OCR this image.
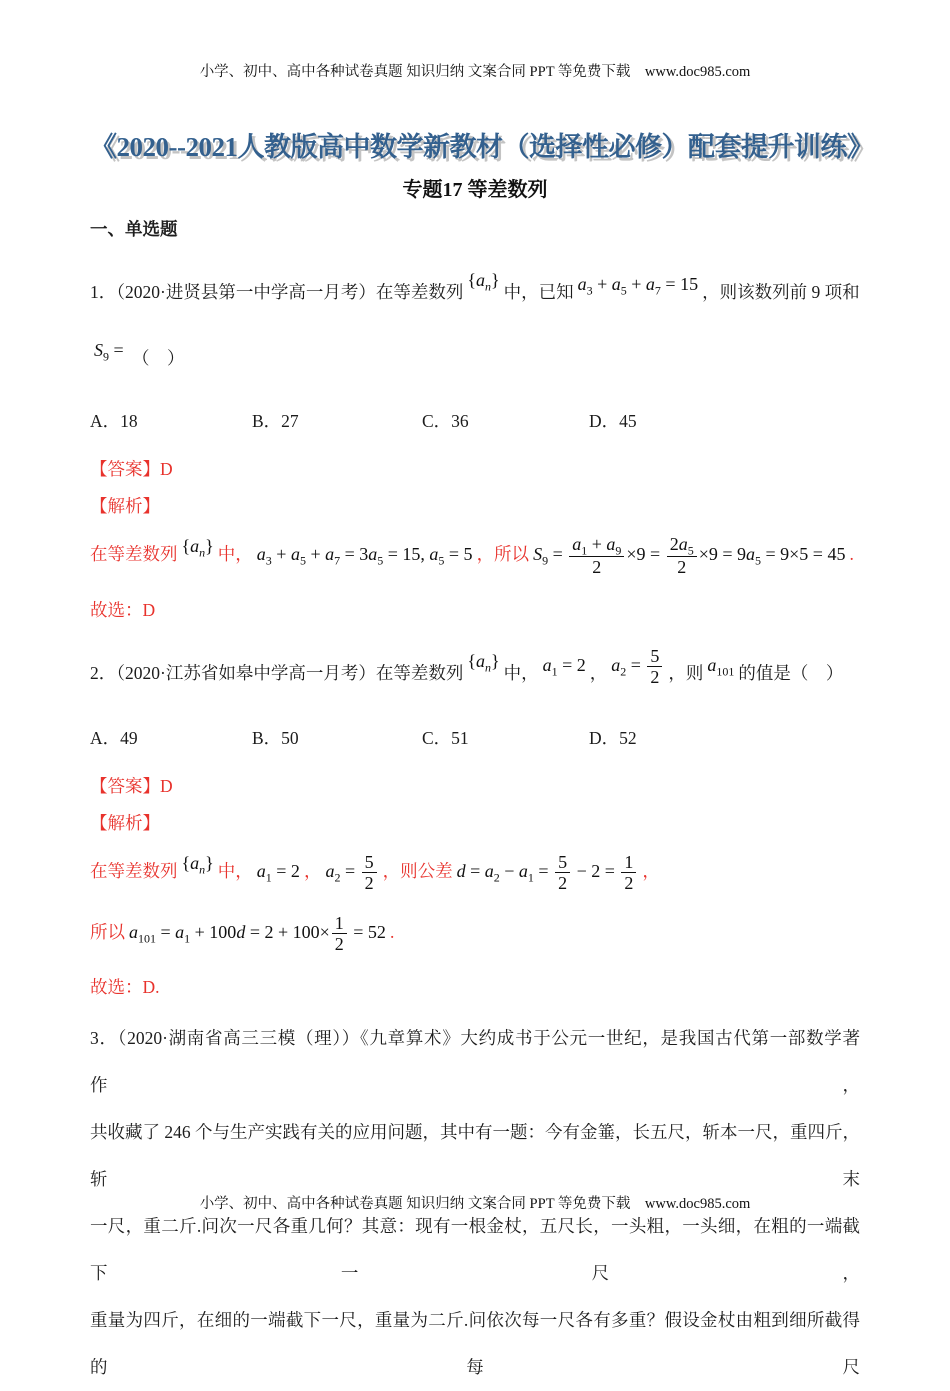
小学、初中、高中各种试卷真题 知识归纳 文案合同 PPT 等免费下载　www.doc985.com
《2020--2021人教版高中数学新教材（选择性必修）配套提升训练》
专题17 等差数列
一、单选题
1．（2020·进贤县第一中学高一月考）在等差数列$\{a_n\}$中，已知 $a_3 + a_5 + a_7 = 15$ ，则该数列前 9 项和
$S_9$ = （　）
A．18	B．27	C．36	D．45
【答案】D
【解析】
在等差数列 $\{a_n\}$ 中， $a_3 + a_5 + a_7 = 3a_5 = 15$, $a_5 = 5$ ，所以 $S_9 = \frac{a_1 + a_9}{2} \times 9 = \frac{2a_5}{2} \times 9 = 9a_5 = 9\times 5 = 45$ .
故选：D
2．（2020·江苏省如皋中学高一月考）在等差数列$\{a_n\}$中， $a_1 = 2$ ， $a_2 = \frac{5}{2}$ ，则 $a_{101}$ 的值是（　）
A．49	B．50	C．51	D．52
【答案】D
【解析】
在等差数列 $\{a_n\}$ 中， $a_1 = 2$ ， $a_2 = \frac{5}{2}$ ，则公差 $d = a_2 - a_1 = \frac{5}{2} - 2 = \frac{1}{2}$ ，
所以 $a_{101} = a_1 + 100d = 2 + 100\times \frac{1}{2} = 52$ .
故选：D.
3．（2020·湖南省高三三模（理））《九章算术》大约成书于公元一世纪，是我国古代第一部数学著作，
共收藏了 246 个与生产实践有关的应用问题，其中有一题：今有金箠，长五尺，斩本一尺，重四斤，斩末
一尺，重二斤.问次一尺各重几何？其意：现有一根金杖，五尺长，一头粗，一头细，在粗的一端截下一尺，
重量为四斤，在细的一端截下一尺，重量为二斤.问依次每一尺各有多重？假设金杖由粗到细所截得的每尺
小学、初中、高中各种试卷真题 知识归纳 文案合同 PPT 等免费下载　www.doc985.com
